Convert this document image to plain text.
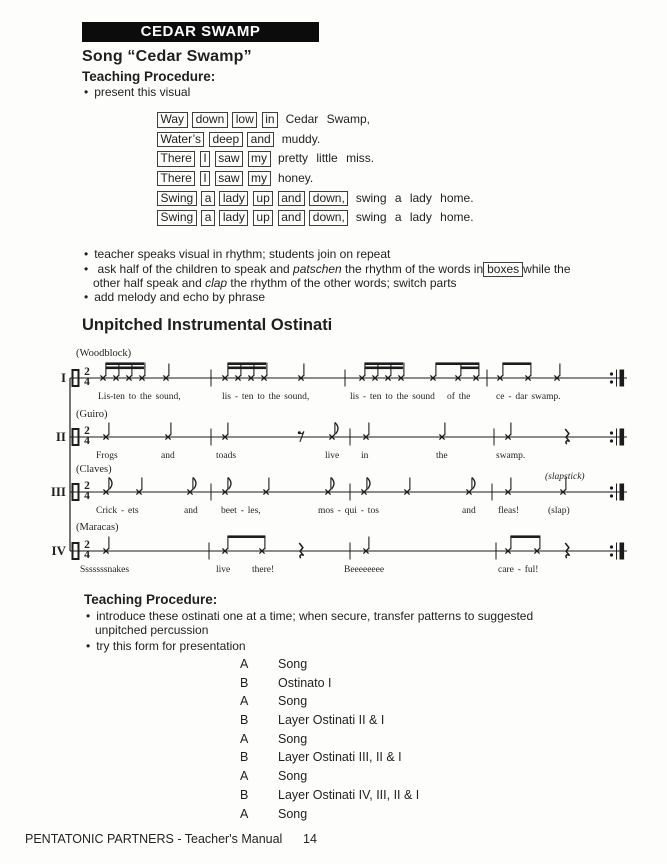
CEDAR SWAMP
Song “Cedar Swamp”
Teaching Procedure:
• present this visual
Way down low in Cedar Swamp,
Water’s deep and muddy.
There I saw my pretty little miss.
There I saw my honey.
Swing a lady up and down, swing a lady home.
Swing a lady up and down, swing a lady home.
• teacher speaks visual in rhythm; students join on repeat
• ask half of the children to speak and patschen the rhythm of the words in boxes while the
other half speak and clap the rhythm of the other words; switch parts
• add melody and echo by phrase
Unpitched Instrumental Ostinati
I
II
III
IV
(Woodblock)
(Guiro)
(Claves)
(Maracas)
2
4
2
4
2
4
2
4
(slapstick)
Lis-ten to the sound,	lis - ten to the sound,	lis - ten to the sound of the	ce - dar swamp.
Frogs	and	toads	live in	the	swamp.
Crick - ets	and beet - les,	mos - qui - tos	and fleas!	(slap)
Sssssssnakes	live there!	Beeeeeeee	care - ful!
Teaching Procedure:
• introduce these ostinati one at a time; when secure, transfer patterns to suggested
unpitched percussion
• try this form for presentation
A Song
B Ostinato I
A Song
B Layer Ostinati II & I
A Song
B Layer Ostinati III, II & I
A Song
B Layer Ostinati IV, III, II & I
A Song
PENTATONIC PARTNERS - Teacher's Manual 14
